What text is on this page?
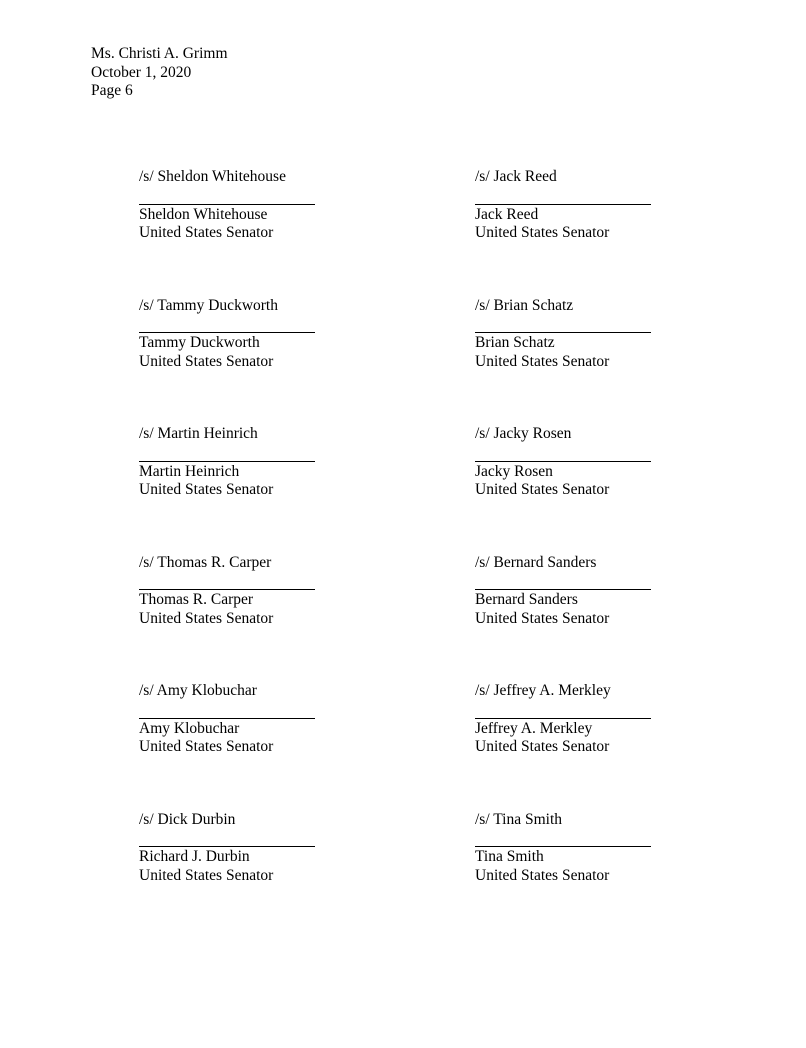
Ms. Christi A. Grimm
October 1, 2020
Page 6
/s/ Sheldon Whitehouse
Sheldon Whitehouse
United States Senator
/s/ Jack Reed
Jack Reed
United States Senator
/s/ Tammy Duckworth
Tammy Duckworth
United States Senator
/s/ Brian Schatz
Brian Schatz
United States Senator
/s/ Martin Heinrich
Martin Heinrich
United States Senator
/s/ Jacky Rosen
Jacky Rosen
United States Senator
/s/ Thomas R. Carper
Thomas R. Carper
United States Senator
/s/ Bernard Sanders
Bernard Sanders
United States Senator
/s/ Amy Klobuchar
Amy Klobuchar
United States Senator
/s/ Jeffrey A. Merkley
Jeffrey A. Merkley
United States Senator
/s/ Dick Durbin
Richard J. Durbin
United States Senator
/s/ Tina Smith
Tina Smith
United States Senator
